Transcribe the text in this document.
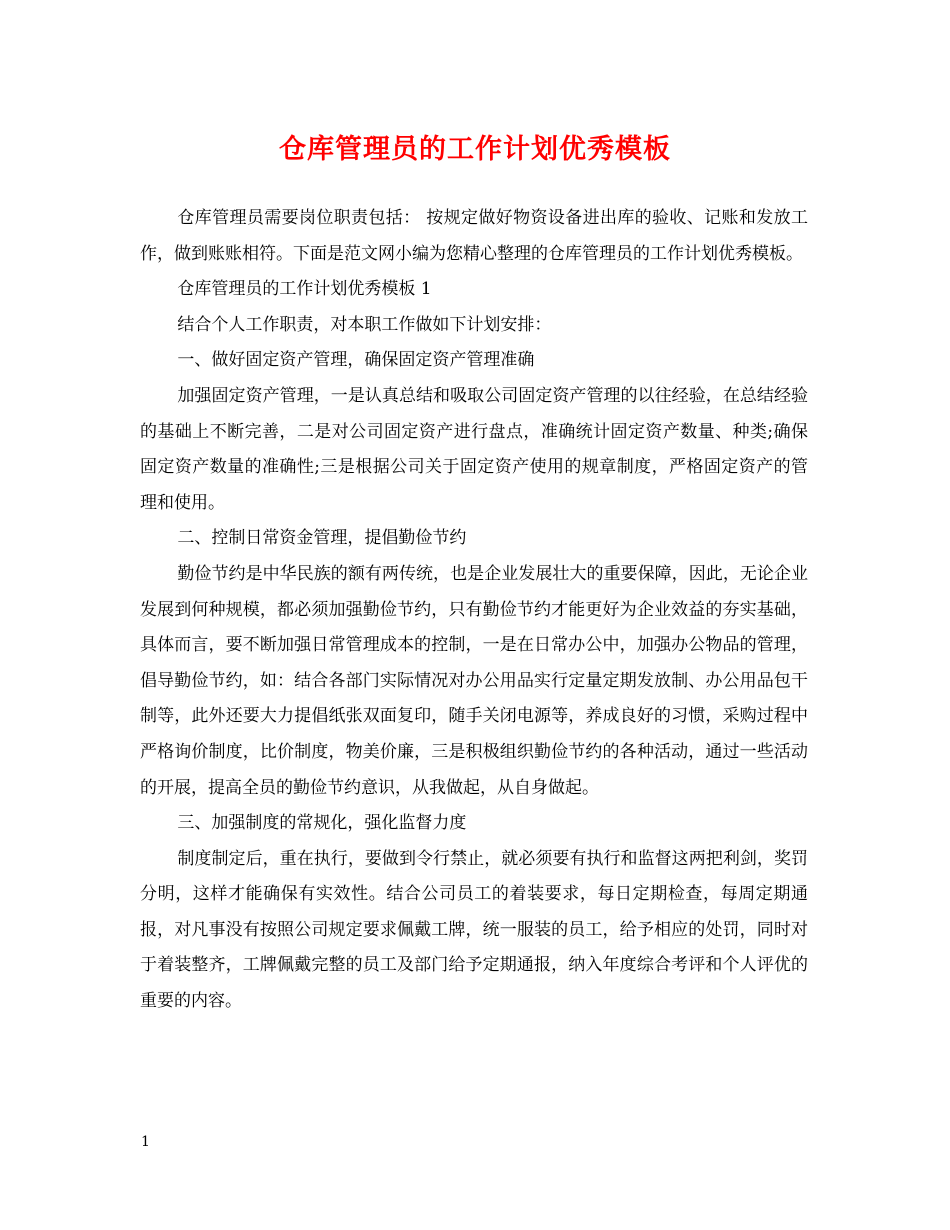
仓库管理员的工作计划优秀模板

仓库管理员需要岗位职责包括： 按规定做好物资设备进出库的验收、记账和发放工作，做到账账相符。下面是范文网小编为您精心整理的仓库管理员的工作计划优秀模板。

仓库管理员的工作计划优秀模板 1

结合个人工作职责，对本职工作做如下计划安排：

一、做好固定资产管理，确保固定资产管理准确

加强固定资产管理，一是认真总结和吸取公司固定资产管理的以往经验，在总结经验的基础上不断完善，二是对公司固定资产进行盘点，准确统计固定资产数量、种类;确保固定资产数量的准确性;三是根据公司关于固定资产使用的规章制度，严格固定资产的管理和使用。

二、控制日常资金管理，提倡勤俭节约

勤俭节约是中华民族的额有两传统，也是企业发展壮大的重要保障，因此，无论企业发展到何种规模，都必须加强勤俭节约，只有勤俭节约才能更好为企业效益的夯实基础，具体而言，要不断加强日常管理成本的控制，一是在日常办公中，加强办公物品的管理，倡导勤俭节约，如：结合各部门实际情况对办公用品实行定量定期发放制、办公用品包干制等，此外还要大力提倡纸张双面复印，随手关闭电源等，养成良好的习惯，采购过程中严格询价制度，比价制度，物美价廉，三是积极组织勤俭节约的各种活动，通过一些活动的开展，提高全员的勤俭节约意识，从我做起，从自身做起。

三、加强制度的常规化，强化监督力度

制度制定后，重在执行，要做到令行禁止，就必须要有执行和监督这两把利剑，奖罚分明，这样才能确保有实效性。结合公司员工的着装要求，每日定期检查，每周定期通报，对凡事没有按照公司规定要求佩戴工牌，统一服装的员工，给予相应的处罚，同时对于着装整齐，工牌佩戴完整的员工及部门给予定期通报，纳入年度综合考评和个人评优的重要的内容。

1
